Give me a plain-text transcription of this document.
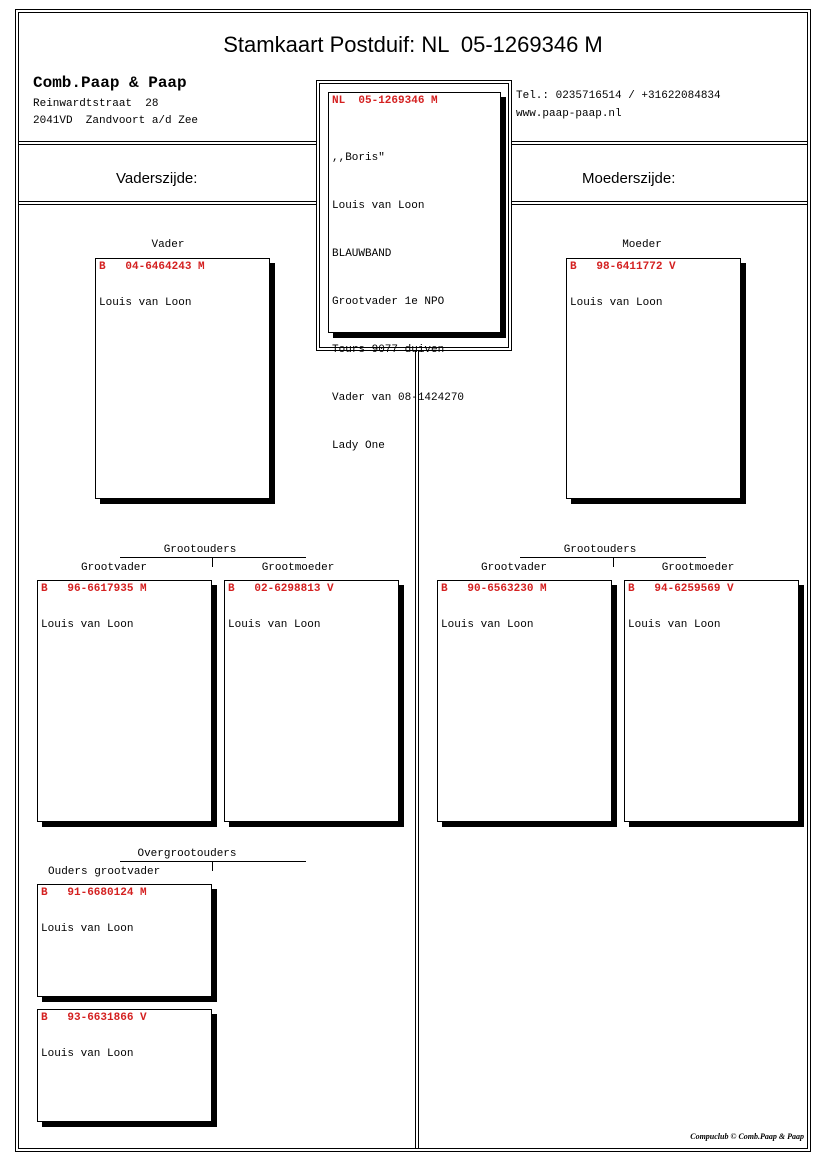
Stamkaart Postduif: NL  05-1269346 M
Comb.Paap & Paap
Reinwardtstraat  28
2041VD  Zandvoort a/d Zee
Tel.: 0235716514 / +31622084834
www.paap-paap.nl
Vaderszijde:	Moederszijde:
NL  05-1269346 M

,,Boris"

Louis van Loon

BLAUWBAND

Grootvader 1e NPO

Tours 9077 duiven

Vader van 08-1424270

Lady One

Vader
B   04-6464243 M
Louis van Loon
Moeder
B   98-6411772 V
Louis van Loon
Grootouders
Grootvader	Grootmoeder
B   96-6617935 M
Louis van Loon
B   02-6298813 V
Louis van Loon
Grootouders
Grootvader	Grootmoeder
B   90-6563230 M
Louis van Loon
B   94-6259569 V
Louis van Loon
Overgrootouders
Ouders grootvader
B   91-6680124 M
Louis van Loon
B   93-6631866 V
Louis van Loon
Compuclub © Comb.Paap & Paap
